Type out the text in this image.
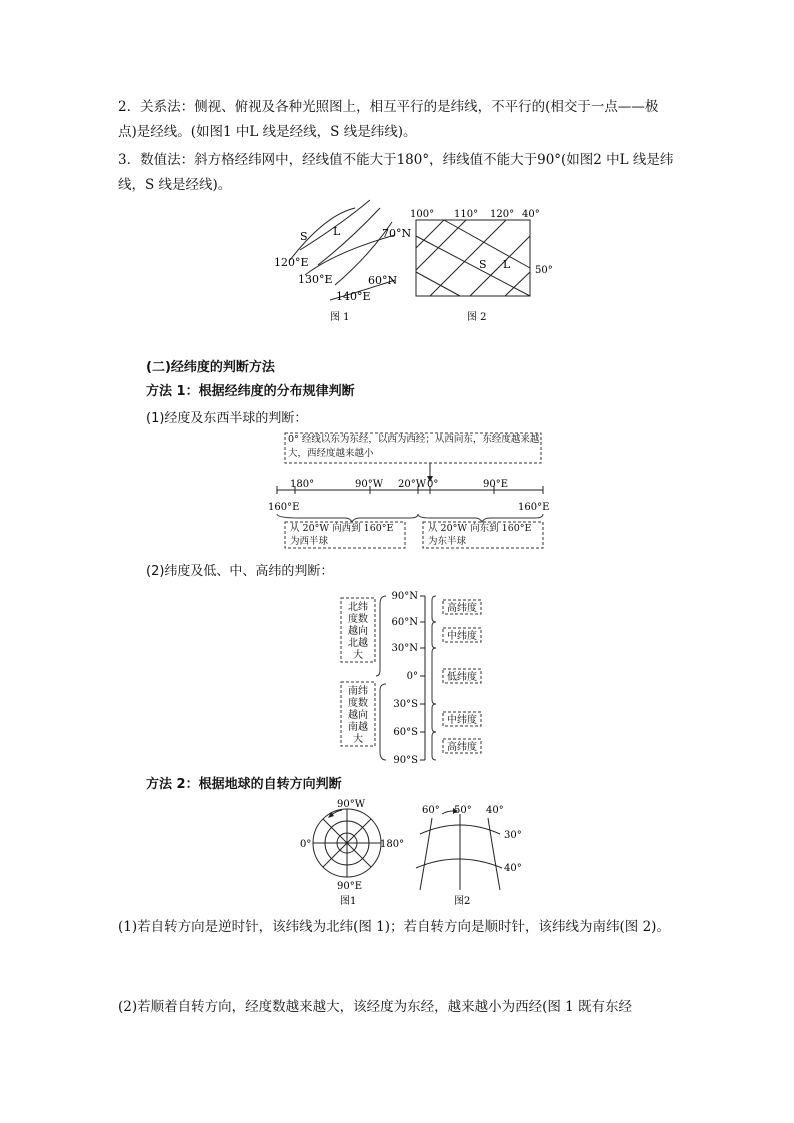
2．关系法：侧视、俯视及各种光照图上，相互平行的是纬线，不平行的(相交于一点——极点)是经线。(如图1 中L 线是经线，S 线是纬线)。

3．数值法：斜方格经纬网中，经线值不能大于180°，纬线值不能大于90°(如图2 中L 线是纬线，S 线是经线)。

S L	70°N
120°E
130°E	60°N
140°E
图 1
100° 110° 120° 40°
S L 50°
图 2

(二)经纬度的判断方法

方法 1：根据经纬度的分布规律判断

(1)经度及东西半球的判断：

(2)纬度及低、中、高纬的判断：

方法 2：根据地球的自转方向判断

0° 经线以东为东经，以西为西经；从西向东，东经度越来越大，西经度越来越小
180°	90°W 20°W 0°	90°E
160°E	160°E
从 20°W 向西到 160°E 为西半球
从 20°W 向东到 160°E 为东半球
北纬
度数
越向
北越
大
南纬
度数
越向
南越
大
90°N
60°N
30°N
0°
30°S
60°S
90°S
高纬度
中纬度
低纬度
中纬度
高纬度
90°W
0°	180°
90°E
图1
60° 50° 40°
30°
40°
图2

(1)若自转方向是逆时针，该纬线为北纬(图 1)；若自转方向是顺时针，该纬线为南纬(图 2)。

(2)若顺着自转方向，经度数越来越大，该经度为东经，越来越小为西经(图 1 既有东经
